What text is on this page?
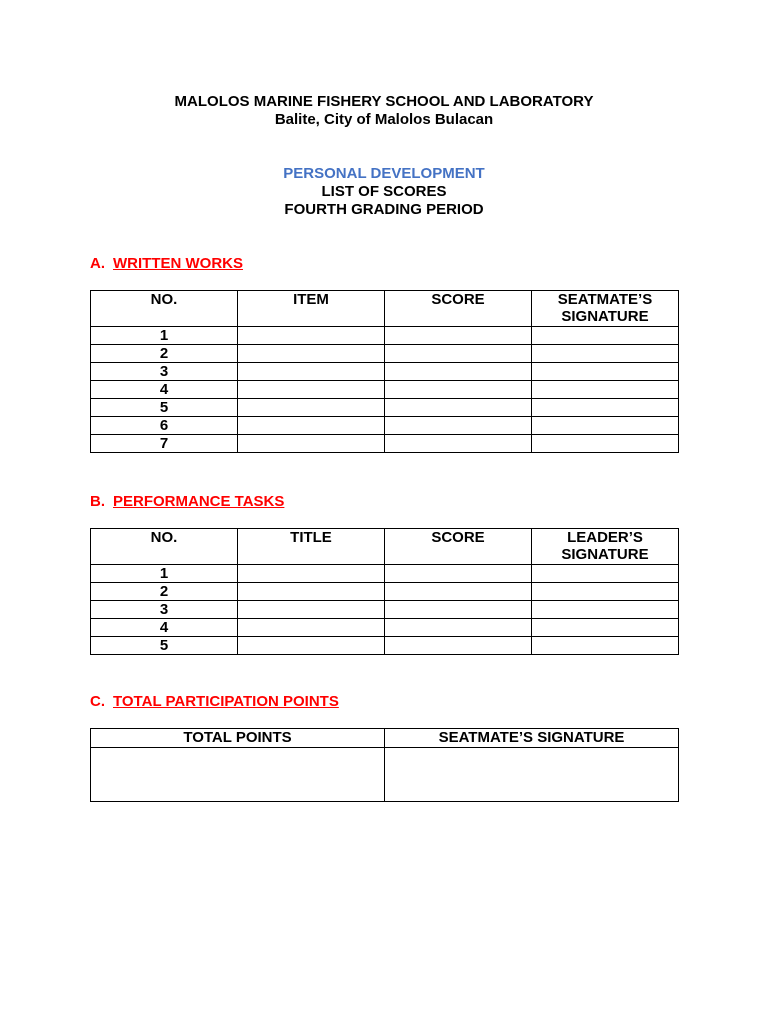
MALOLOS MARINE FISHERY SCHOOL AND LABORATORY
Balite, City of Malolos Bulacan
PERSONAL DEVELOPMENT
LIST OF SCORES
FOURTH GRADING PERIOD
A. WRITTEN WORKS
NO.	ITEM	SCORE	SEATMATE’S SIGNATURE
1			
2			
3			
4			
5			
6			
7			
B. PERFORMANCE TASKS
NO.	TITLE	SCORE	LEADER’S SIGNATURE
1			
2			
3			
4			
5			
C. TOTAL PARTICIPATION POINTS
TOTAL POINTS	SEATMATE’S SIGNATURE
